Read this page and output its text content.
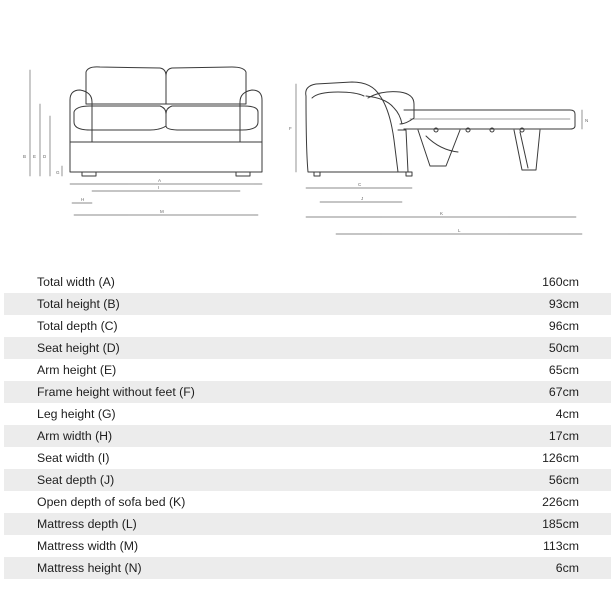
B E D
G
A
I
H
M
F
N
C
J
K
L
Total width (A)	160cm
Total height (B)	93cm
Total depth (C)	96cm
Seat height (D)	50cm
Arm height (E)	65cm
Frame height without feet (F)	67cm
Leg height (G)	4cm
Arm width (H)	17cm
Seat width (I)	126cm
Seat depth (J)	56cm
Open depth of sofa bed (K)	226cm
Mattress depth (L)	185cm
Mattress width (M)	113cm
Mattress height (N)	6cm
